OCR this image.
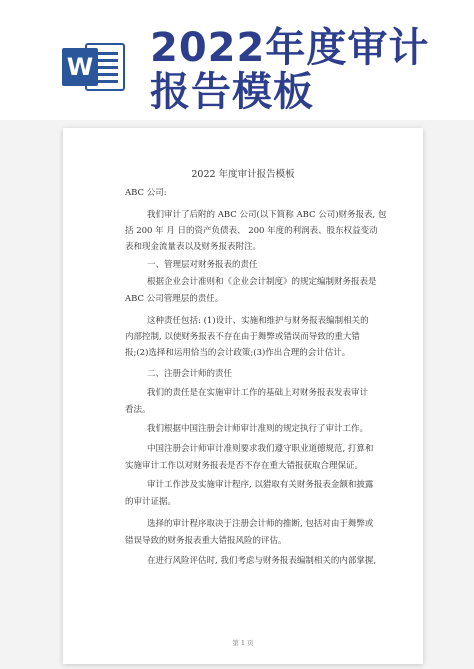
W 2022年度审计
报告模板
2022 年度审计报告模板
ABC 公司:
我们审计了后附的 ABC 公司(以下简称 ABC 公司)财务报表, 包
括 200 年 月 日的资产负债表、 200 年度的利润表、股东权益变动
表和现金流量表以及财务报表附注。
一、管理层对财务报表的责任
根据企业会计准则和《企业会计制度》的规定编制财务报表是
ABC 公司管理层的责任。
这种责任包括: (1)设计、实施和维护与财务报表编制相关的
内部控制, 以使财务报表不存在由于舞弊或错误而导致的重大错
报;(2)选择和运用恰当的会计政策;(3)作出合理的会计估计。
二、注册会计师的责任
我们的责任是在实施审计工作的基础上对财务报表发表审计
看法。
我们根据中国注册会计师审计准则的规定执行了审计工作。
中国注册会计师审计准则要求我们遵守职业道德规范, 打算和
实施审计工作以对财务报表是否不存在重大错报获取合理保证。
审计工作涉及实施审计程序, 以猎取有关财务报表金额和披露
的审计证据。
选择的审计程序取决于注册会计师的推断, 包括对由于舞弊或
错误导致的财务报表重大错报风险的评估。
在进行风险评估时, 我们考虑与财务报表编制相关的内部掌握,
第 1 页
